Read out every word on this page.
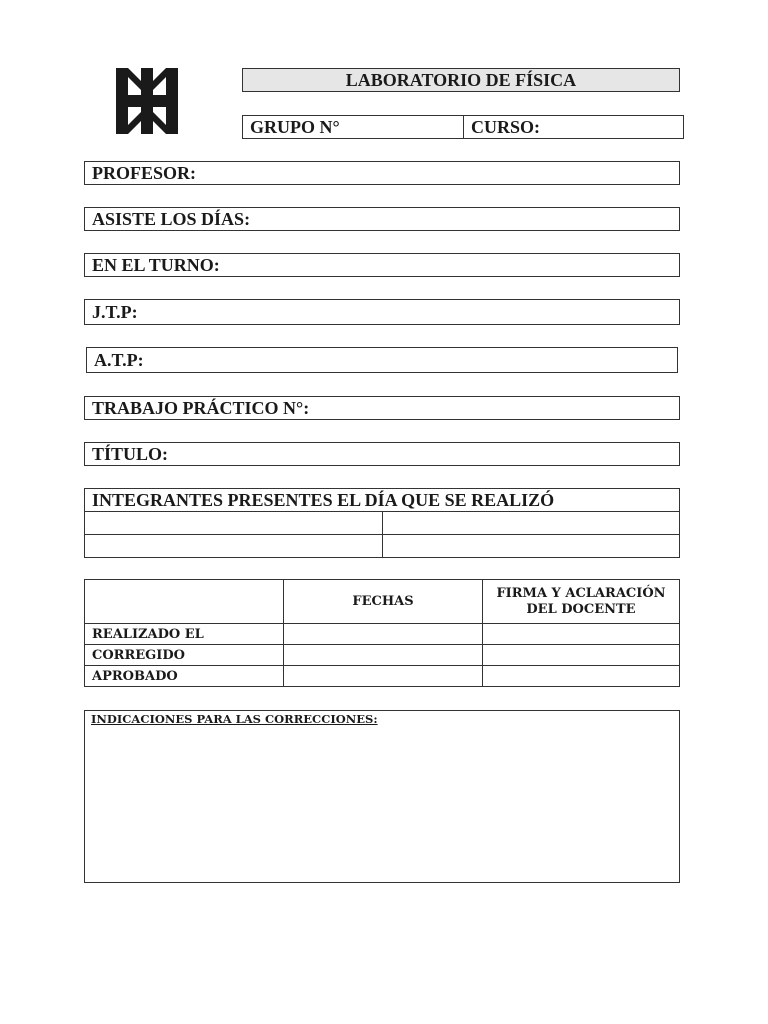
LABORATORIO DE FÍSICA
GRUPO N°	CURSO:
PROFESOR:
ASISTE LOS DÍAS:
EN EL TURNO:
J.T.P:
A.T.P:
TRABAJO PRÁCTICO N°:
TÍTULO:
INTEGRANTES PRESENTES EL DÍA QUE SE REALIZÓ	

	FECHAS	FIRMA Y ACLARACIÓN
DEL DOCENTE

REALIZADO EL		
CORREGIDO		
APROBADO		
INDICACIONES PARA LAS CORRECCIONES:
